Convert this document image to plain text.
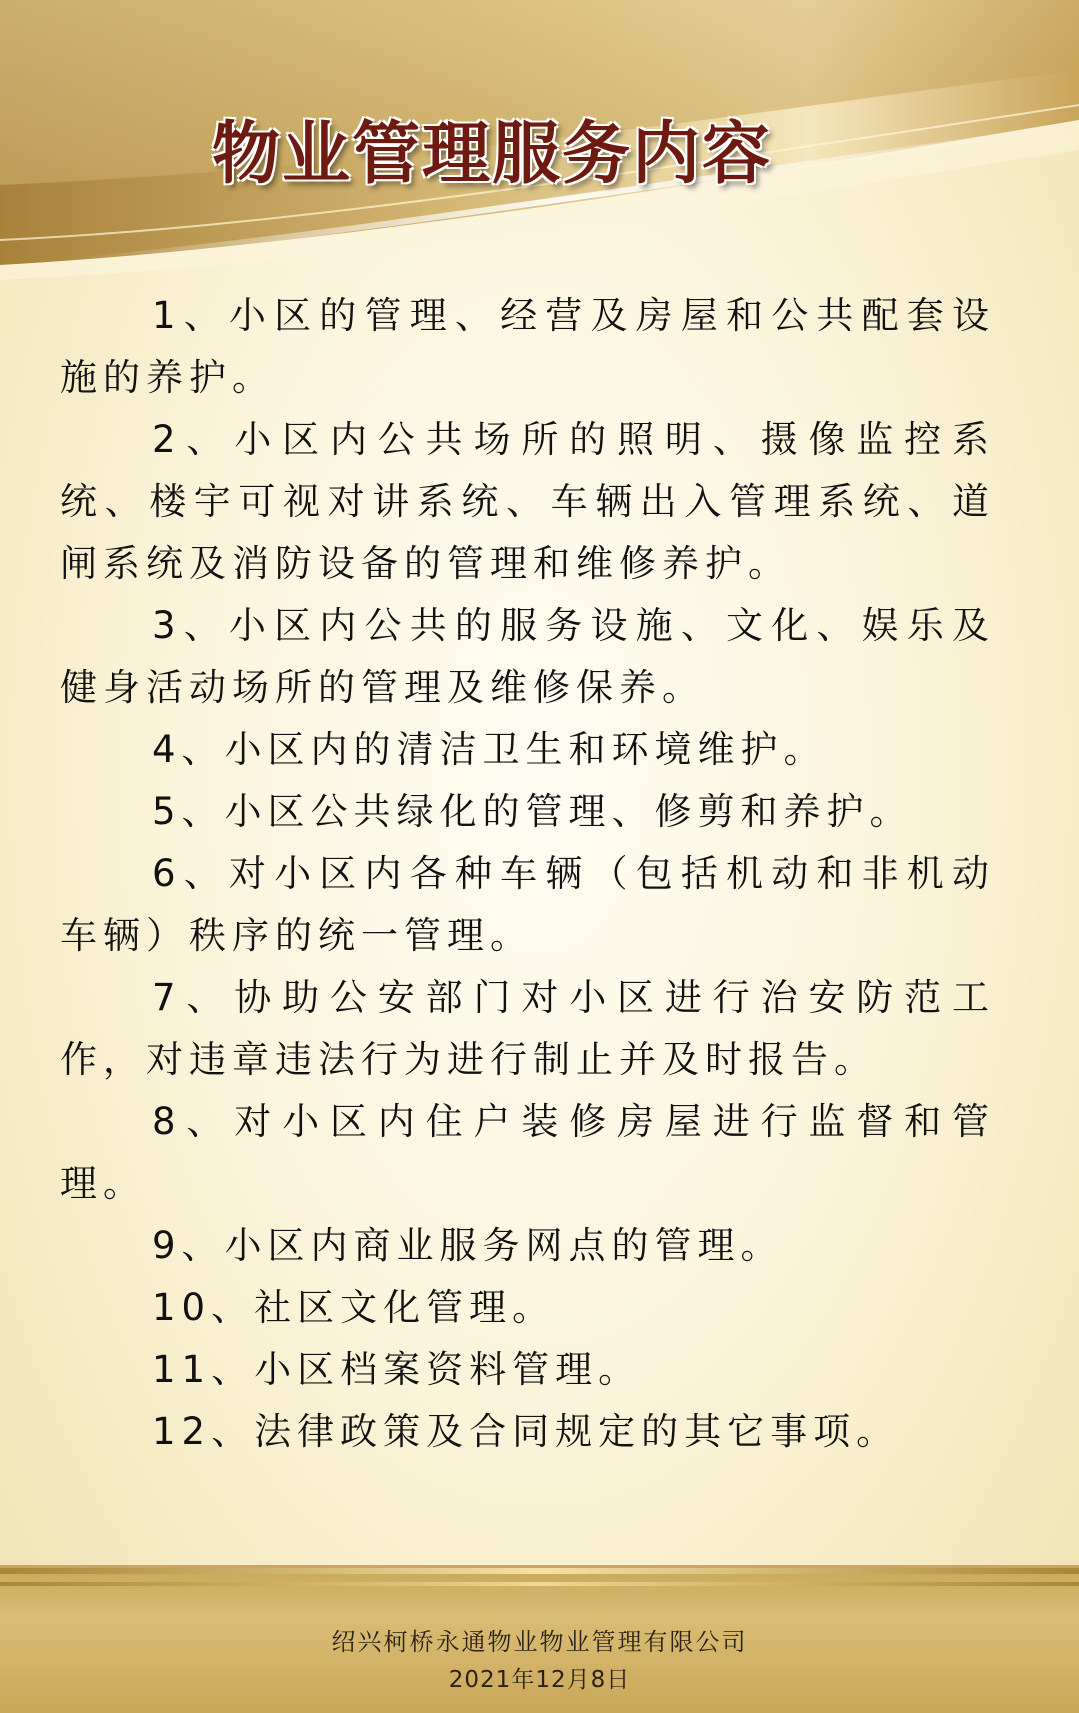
物业管理服务内容

1、小区的管理、经营及房屋和公共配套设施的养护。

2、小区内公共场所的照明、摄像监控系统、楼宇可视对讲系统、车辆出入管理系统、道闸系统及消防设备的管理和维修养护。

3、小区内公共的服务设施、文化、娱乐及健身活动场所的管理及维修保养。

4、小区内的清洁卫生和环境维护。

5、小区公共绿化的管理、修剪和养护。

6、对小区内各种车辆（包括机动和非机动车辆）秩序的统一管理。

7、协助公安部门对小区进行治安防范工作，对违章违法行为进行制止并及时报告。

8、对小区内住户装修房屋进行监督和管理。

9、小区内商业服务网点的管理。

10、社区文化管理。

11、小区档案资料管理。

12、法律政策及合同规定的其它事项。

绍兴柯桥永通物业物业管理有限公司
2021年12月8日
